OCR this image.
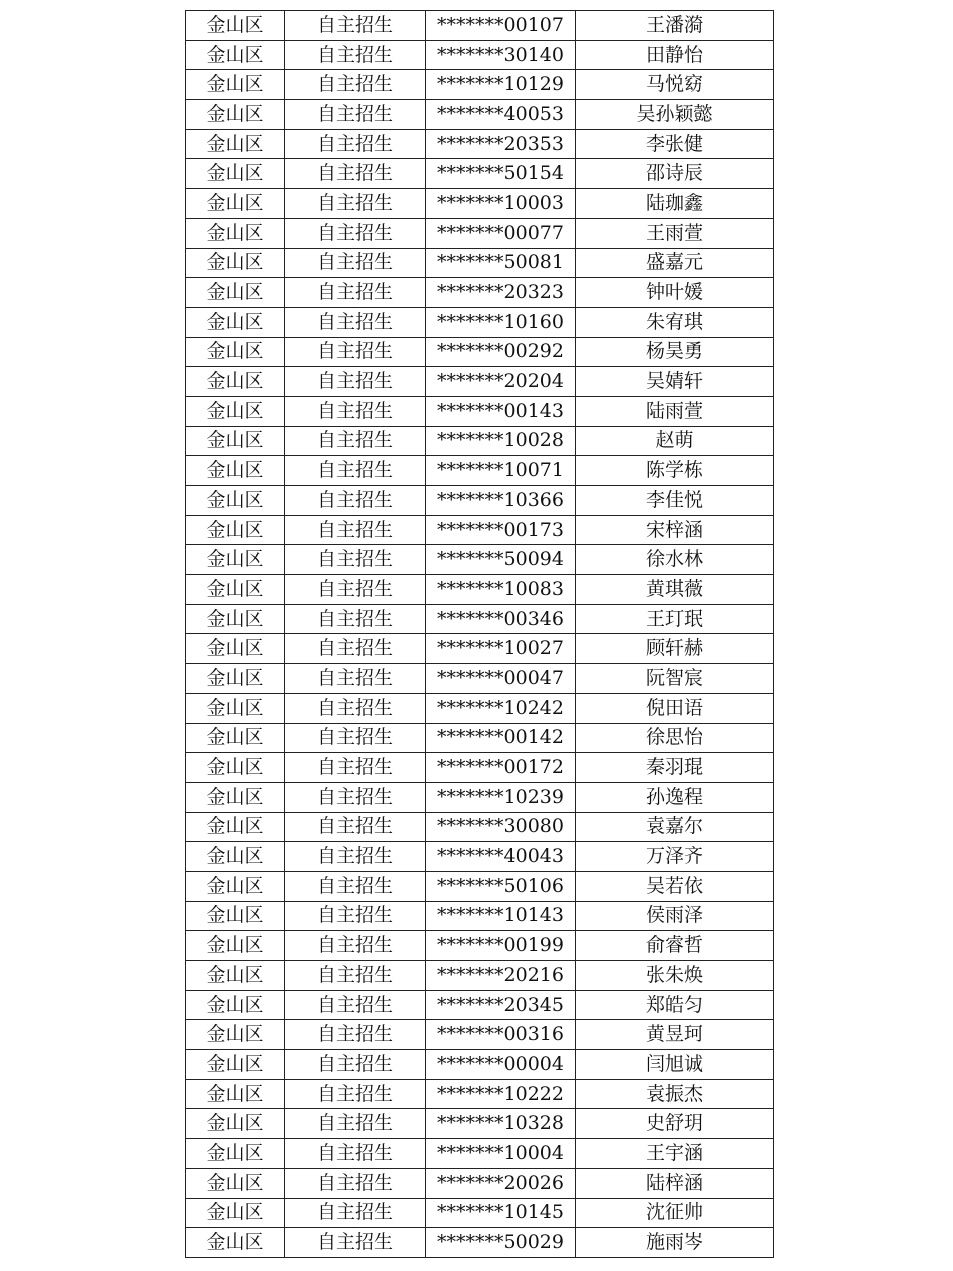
金山区	自主招生	*******00107	王潘漪
金山区	自主招生	*******30140	田静怡
金山区	自主招生	*******10129	马悦窈
金山区	自主招生	*******40053	吴孙颖懿
金山区	自主招生	*******20353	李张健
金山区	自主招生	*******50154	邵诗辰
金山区	自主招生	*******10003	陆珈鑫
金山区	自主招生	*******00077	王雨萱
金山区	自主招生	*******50081	盛嘉元
金山区	自主招生	*******20323	钟叶媛
金山区	自主招生	*******10160	朱宥琪
金山区	自主招生	*******00292	杨昊勇
金山区	自主招生	*******20204	吴婧轩
金山区	自主招生	*******00143	陆雨萱
金山区	自主招生	*******10028	赵萌
金山区	自主招生	*******10071	陈学栋
金山区	自主招生	*******10366	李佳悦
金山区	自主招生	*******00173	宋梓涵
金山区	自主招生	*******50094	徐水林
金山区	自主招生	*******10083	黄琪薇
金山区	自主招生	*******00346	王玎珉
金山区	自主招生	*******10027	顾轩赫
金山区	自主招生	*******00047	阮智宸
金山区	自主招生	*******10242	倪田语
金山区	自主招生	*******00142	徐思怡
金山区	自主招生	*******00172	秦羽琨
金山区	自主招生	*******10239	孙逸程
金山区	自主招生	*******30080	袁嘉尔
金山区	自主招生	*******40043	万泽齐
金山区	自主招生	*******50106	吴若依
金山区	自主招生	*******10143	侯雨泽
金山区	自主招生	*******00199	俞睿哲
金山区	自主招生	*******20216	张朱焕
金山区	自主招生	*******20345	郑皓匀
金山区	自主招生	*******00316	黄昱珂
金山区	自主招生	*******00004	闫旭诚
金山区	自主招生	*******10222	袁振杰
金山区	自主招生	*******10328	史舒玥
金山区	自主招生	*******10004	王宇涵
金山区	自主招生	*******20026	陆梓涵
金山区	自主招生	*******10145	沈征帅
金山区	自主招生	*******50029	施雨岑
